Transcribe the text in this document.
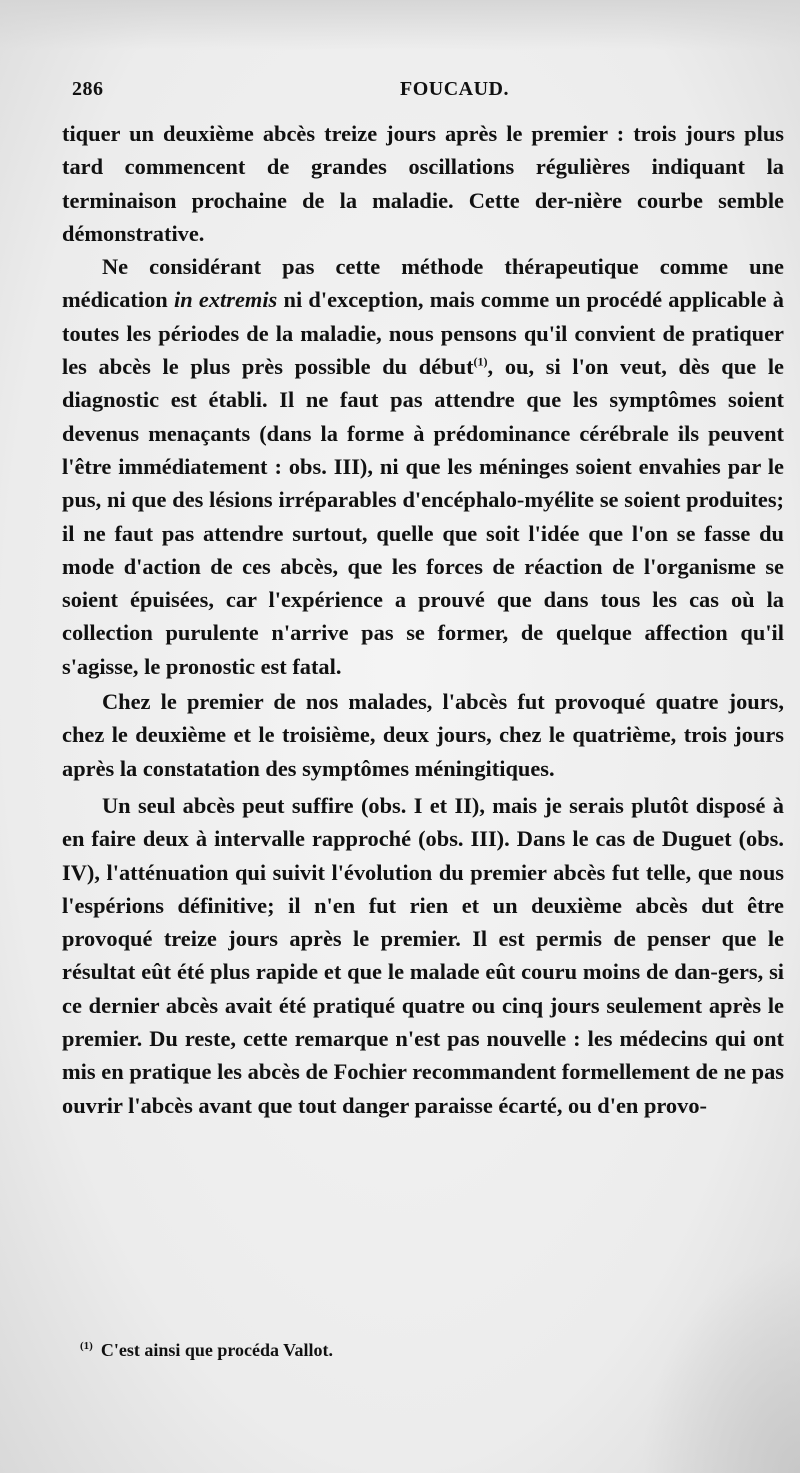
286	FOUCAUD.

tiquer un deuxième abcès treize jours après le premier : trois jours plus tard commencent de grandes oscillations régulières indiquant la terminaison prochaine de la maladie. Cette der-nière courbe semble démonstrative.

Ne considérant pas cette méthode thérapeutique comme une médication in extremis ni d'exception, mais comme un procédé applicable à toutes les périodes de la maladie, nous pensons qu'il convient de pratiquer les abcès le plus près possible du début$^{(1)}$, ou, si l'on veut, dès que le diagnostic est établi. Il ne faut pas attendre que les symptômes soient devenus menaçants (dans la forme à prédominance cérébrale ils peuvent l'être immédiatement : obs. III), ni que les méninges soient envahies par le pus, ni que des lésions irréparables d'encéphalo-myélite se soient produites; il ne faut pas attendre surtout, quelle que soit l'idée que l'on se fasse du mode d'action de ces abcès, que les forces de réaction de l'organisme se soient épuisées, car l'expérience a prouvé que dans tous les cas où la collection purulente n'arrive pas se former, de quelque affection qu'il s'agisse, le pronostic est fatal.

Chez le premier de nos malades, l'abcès fut provoqué quatre jours, chez le deuxième et le troisième, deux jours, chez le quatrième, trois jours après la constatation des symptômes méningitiques.

Un seul abcès peut suffire (obs. I et II), mais je serais plutôt disposé à en faire deux à intervalle rapproché (obs. III). Dans le cas de Duguet (obs. IV), l'atténuation qui suivit l'évolution du premier abcès fut telle, que nous l'espérions définitive; il n'en fut rien et un deuxième abcès dut être provoqué treize jours après le premier. Il est permis de penser que le résultat eût été plus rapide et que le malade eût couru moins de dan-gers, si ce dernier abcès avait été pratiqué quatre ou cinq jours seulement après le premier. Du reste, cette remarque n'est pas nouvelle : les médecins qui ont mis en pratique les abcès de Fochier recommandent formellement de ne pas ouvrir l'abcès avant que tout danger paraisse écarté, ou d'en provo-

$^{(1)}$ C'est ainsi que procéda Vallot.
